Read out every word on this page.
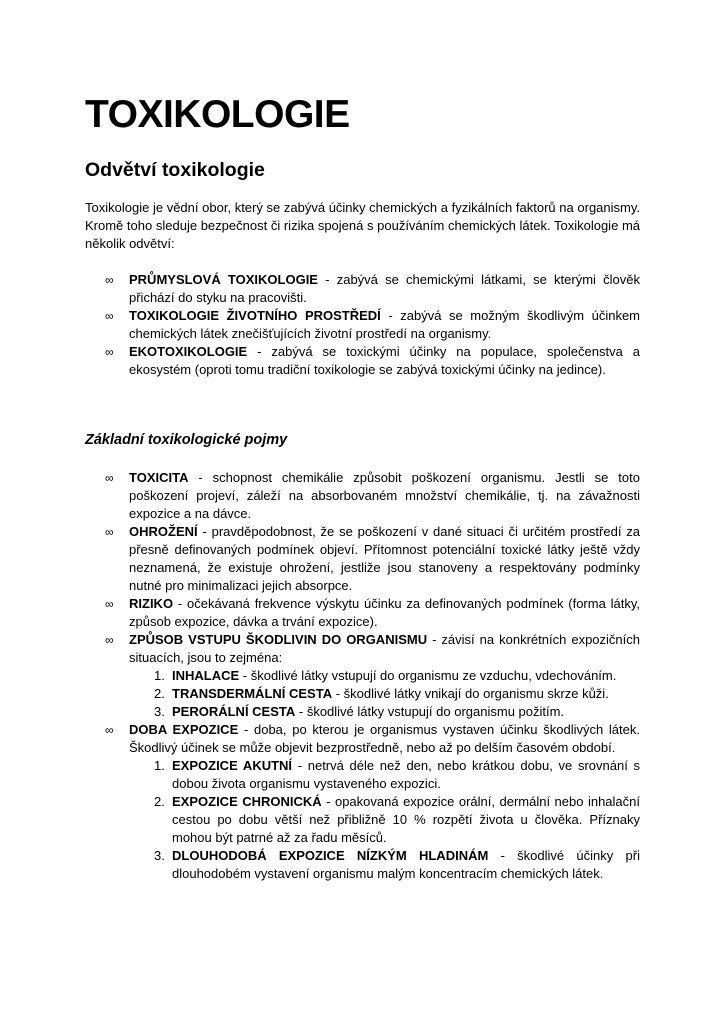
TOXIKOLOGIE
Odvětví toxikologie

Toxikologie je vědní obor, který se zabývá účinky chemických a fyzikálních faktorů na organismy. Kromě toho sleduje bezpečnost či rizika spojená s používáním chemických látek. Toxikologie má několik odvětví:

∞ PRŮMYSLOVÁ TOXIKOLOGIE - zabývá se chemickými látkami, se kterými člověk přichází do styku na pracovišti.
∞ TOXIKOLOGIE ŽIVOTNÍHO PROSTŘEDÍ - zabývá se možným škodlivým účinkem chemických látek znečišťujících životní prostředí na organismy.
∞ EKOTOXIKOLOGIE - zabývá se toxickými účinky na populace, společenstva a ekosystém (oproti tomu tradiční toxikologie se zabývá toxickými účinky na jedince).
Základní toxikologické pojmy
∞ TOXICITA - schopnost chemikálie způsobit poškození organismu. Jestli se toto poškození projeví, záleží na absorbovaném množství chemikálie, tj. na závažnosti expozice a na dávce.
∞ OHROŽENÍ - pravděpodobnost, že se poškození v dané situaci či určitém prostředí za přesně definovaných podmínek objeví. Přítomnost potenciální toxické látky ještě vždy neznamená, že existuje ohrožení, jestliže jsou stanoveny a respektovány podmínky nutné pro minimalizaci jejich absorpce.
∞ RIZIKO - očekávaná frekvence výskytu účinku za definovaných podmínek (forma látky, způsob expozice, dávka a trvání expozice).
∞ ZPŮSOB VSTUPU ŠKODLIVIN DO ORGANISMU - závisí na konkrétních expozičních situacích, jsou to zejména:
1. INHALACE - škodlivé látky vstupují do organismu ze vzduchu, vdechováním.
2. TRANSDERMÁLNÍ CESTA - škodlivé látky vnikají do organismu skrze kůži.
3. PERORÁLNÍ CESTA - škodlivé látky vstupují do organismu požitím.
∞ DOBA EXPOZICE - doba, po kterou je organismus vystaven účinku škodlivých látek. Škodlivý účinek se může objevit bezprostředně, nebo až po delším časovém období.
1. EXPOZICE AKUTNÍ - netrvá déle než den, nebo krátkou dobu, ve srovnání s dobou života organismu vystaveného expozici.
2. EXPOZICE CHRONICKÁ - opakovaná expozice orální, dermální nebo inhalační cestou po dobu větší než přibližně 10 % rozpětí života u člověka. Příznaky mohou být patrné až za řadu měsíců.
3. DLOUHODOBÁ EXPOZICE NÍZKÝM HLADINÁM - škodlivé účinky při dlouhodobém vystavení organismu malým koncentracím chemických látek.
